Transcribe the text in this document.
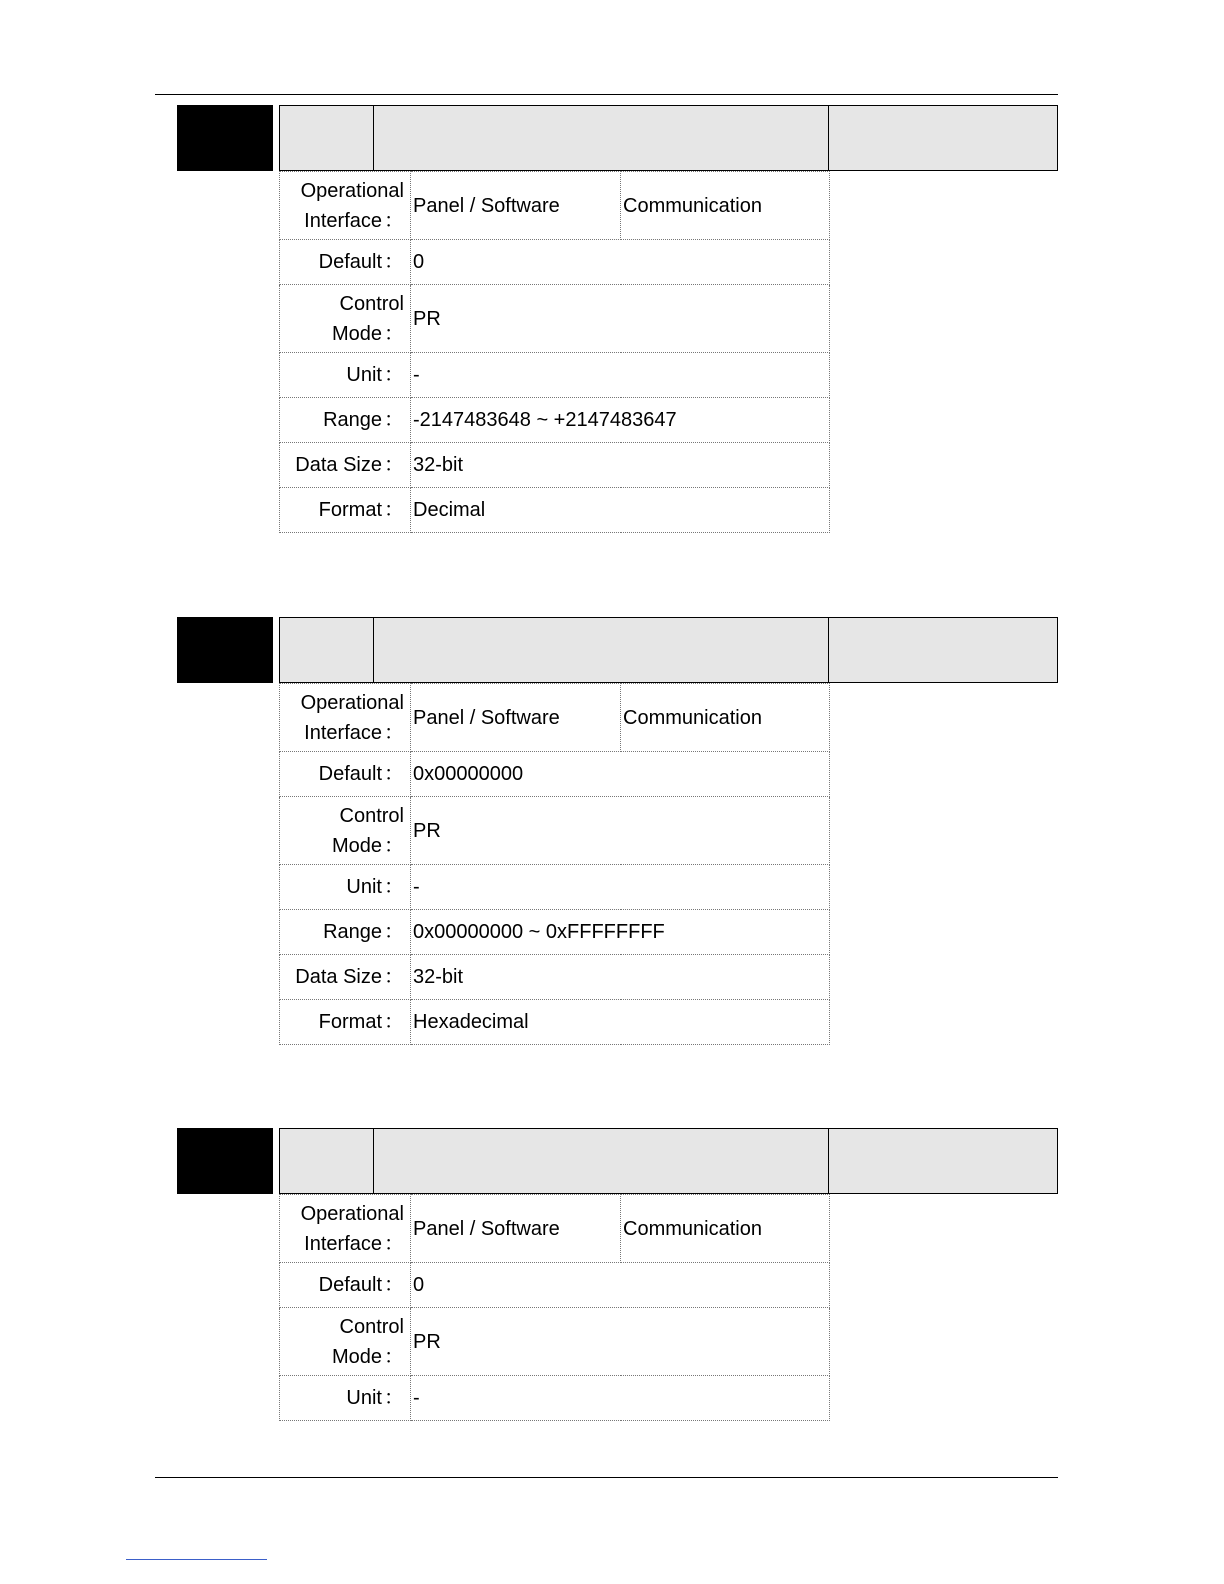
Operational Interface ：	Panel / Software	Communication
Default ：	0	
Control Mode ：	PR	
Unit ：	-	
Range ：	-2147483648 ~ +2147483647	
Data Size ：	32-bit	
Format ：	Decimal	
Operational Interface ：	Panel / Software	Communication
Default ：	0x00000000	
Control Mode ：	PR	
Unit ：	-	
Range ：	0x00000000 ~ 0xFFFFFFFF	
Data Size ：	32-bit	
Format ：	Hexadecimal	
Operational Interface ：	Panel / Software	Communication
Default ：	0	
Control Mode ：	PR	
Unit ：	-	
